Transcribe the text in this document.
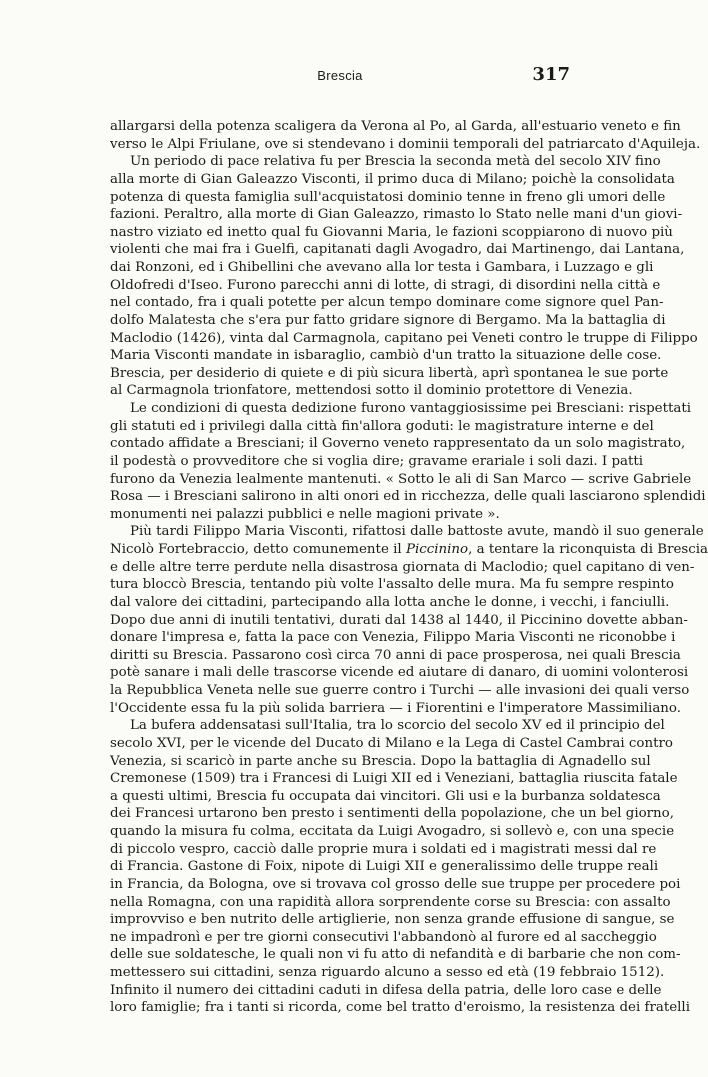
Brescia	317
allargarsi della potenza scaligera da Verona al Po, al Garda, all'estuario veneto e fin
verso le Alpi Friulane, ove si stendevano i dominii temporali del patriarcato d'Aquileja.
Un periodo di pace relativa fu per Brescia la seconda metà del secolo XIV fino
alla morte di Gian Galeazzo Visconti, il primo duca di Milano; poichè la consolidata
potenza di questa famiglia sull'acquistatosi dominio tenne in freno gli umori delle
fazioni. Peraltro, alla morte di Gian Galeazzo, rimasto lo Stato nelle mani d'un giovi-
nastro viziato ed inetto qual fu Giovanni Maria, le fazioni scoppiarono di nuovo più
violenti che mai fra i Guelfi, capitanati dagli Avogadro, dai Martinengo, dai Lantana,
dai Ronzoni, ed i Ghibellini che avevano alla lor testa i Gambara, i Luzzago e gli
Oldofredi d'Iseo. Furono parecchi anni di lotte, di stragi, di disordini nella città e
nel contado, fra i quali potette per alcun tempo dominare come signore quel Pan-
dolfo Malatesta che s'era pur fatto gridare signore di Bergamo. Ma la battaglia di
Maclodio (1426), vinta dal Carmagnola, capitano pei Veneti contro le truppe di Filippo
Maria Visconti mandate in isbaraglio, cambiò d'un tratto la situazione delle cose.
Brescia, per desiderio di quiete e di più sicura libertà, aprì spontanea le sue porte
al Carmagnola trionfatore, mettendosi sotto il dominio protettore di Venezia.
Le condizioni di questa dedizione furono vantaggiosissime pei Bresciani: rispettati
gli statuti ed i privilegi dalla città fin'allora goduti: le magistrature interne e del
contado affidate a Bresciani; il Governo veneto rappresentato da un solo magistrato,
il podestà o provveditore che si voglia dire; gravame erariale i soli dazi. I patti
furono da Venezia lealmente mantenuti. « Sotto le ali di San Marco — scrive Gabriele
Rosa — i Bresciani salirono in alti onori ed in ricchezza, delle quali lasciarono splendidi
monumenti nei palazzi pubblici e nelle magioni private ».
Più tardi Filippo Maria Visconti, rifattosi dalle battoste avute, mandò il suo generale
Nicolò Fortebraccio, detto comunemente il Piccinino, a tentare la riconquista di Brescia
e delle altre terre perdute nella disastrosa giornata di Maclodio; quel capitano di ven-
tura bloccò Brescia, tentando più volte l'assalto delle mura. Ma fu sempre respinto
dal valore dei cittadini, partecipando alla lotta anche le donne, i vecchi, i fanciulli.
Dopo due anni di inutili tentativi, durati dal 1438 al 1440, il Piccinino dovette abban-
donare l'impresa e, fatta la pace con Venezia, Filippo Maria Visconti ne riconobbe i
diritti su Brescia. Passarono così circa 70 anni di pace prosperosa, nei quali Brescia
potè sanare i mali delle trascorse vicende ed aiutare di danaro, di uomini volonterosi
la Repubblica Veneta nelle sue guerre contro i Turchi — alle invasioni dei quali verso
l'Occidente essa fu la più solida barriera — i Fiorentini e l'imperatore Massimiliano.
La bufera addensatasi sull'Italia, tra lo scorcio del secolo XV ed il principio del
secolo XVI, per le vicende del Ducato di Milano e la Lega di Castel Cambrai contro
Venezia, si scaricò in parte anche su Brescia. Dopo la battaglia di Agnadello sul
Cremonese (1509) tra i Francesi di Luigi XII ed i Veneziani, battaglia riuscita fatale
a questi ultimi, Brescia fu occupata dai vincitori. Gli usi e la burbanza soldatesca
dei Francesi urtarono ben presto i sentimenti della popolazione, che un bel giorno,
quando la misura fu colma, eccitata da Luigi Avogadro, si sollevò e, con una specie
di piccolo vespro, cacciò dalle proprie mura i soldati ed i magistrati messi dal re
di Francia. Gastone di Foix, nipote di Luigi XII e generalissimo delle truppe reali
in Francia, da Bologna, ove si trovava col grosso delle sue truppe per procedere poi
nella Romagna, con una rapidità allora sorprendente corse su Brescia: con assalto
improvviso e ben nutrito delle artiglierie, non senza grande effusione di sangue, se
ne impadronì e per tre giorni consecutivi l'abbandonò al furore ed al saccheggio
delle sue soldatesche, le quali non vi fu atto di nefandità e di barbarie che non com-
mettessero sui cittadini, senza riguardo alcuno a sesso ed età (19 febbraio 1512).
Infinito il numero dei cittadini caduti in difesa della patria, delle loro case e delle
loro famiglie; fra i tanti si ricorda, come bel tratto d'eroismo, la resistenza dei fratelli
